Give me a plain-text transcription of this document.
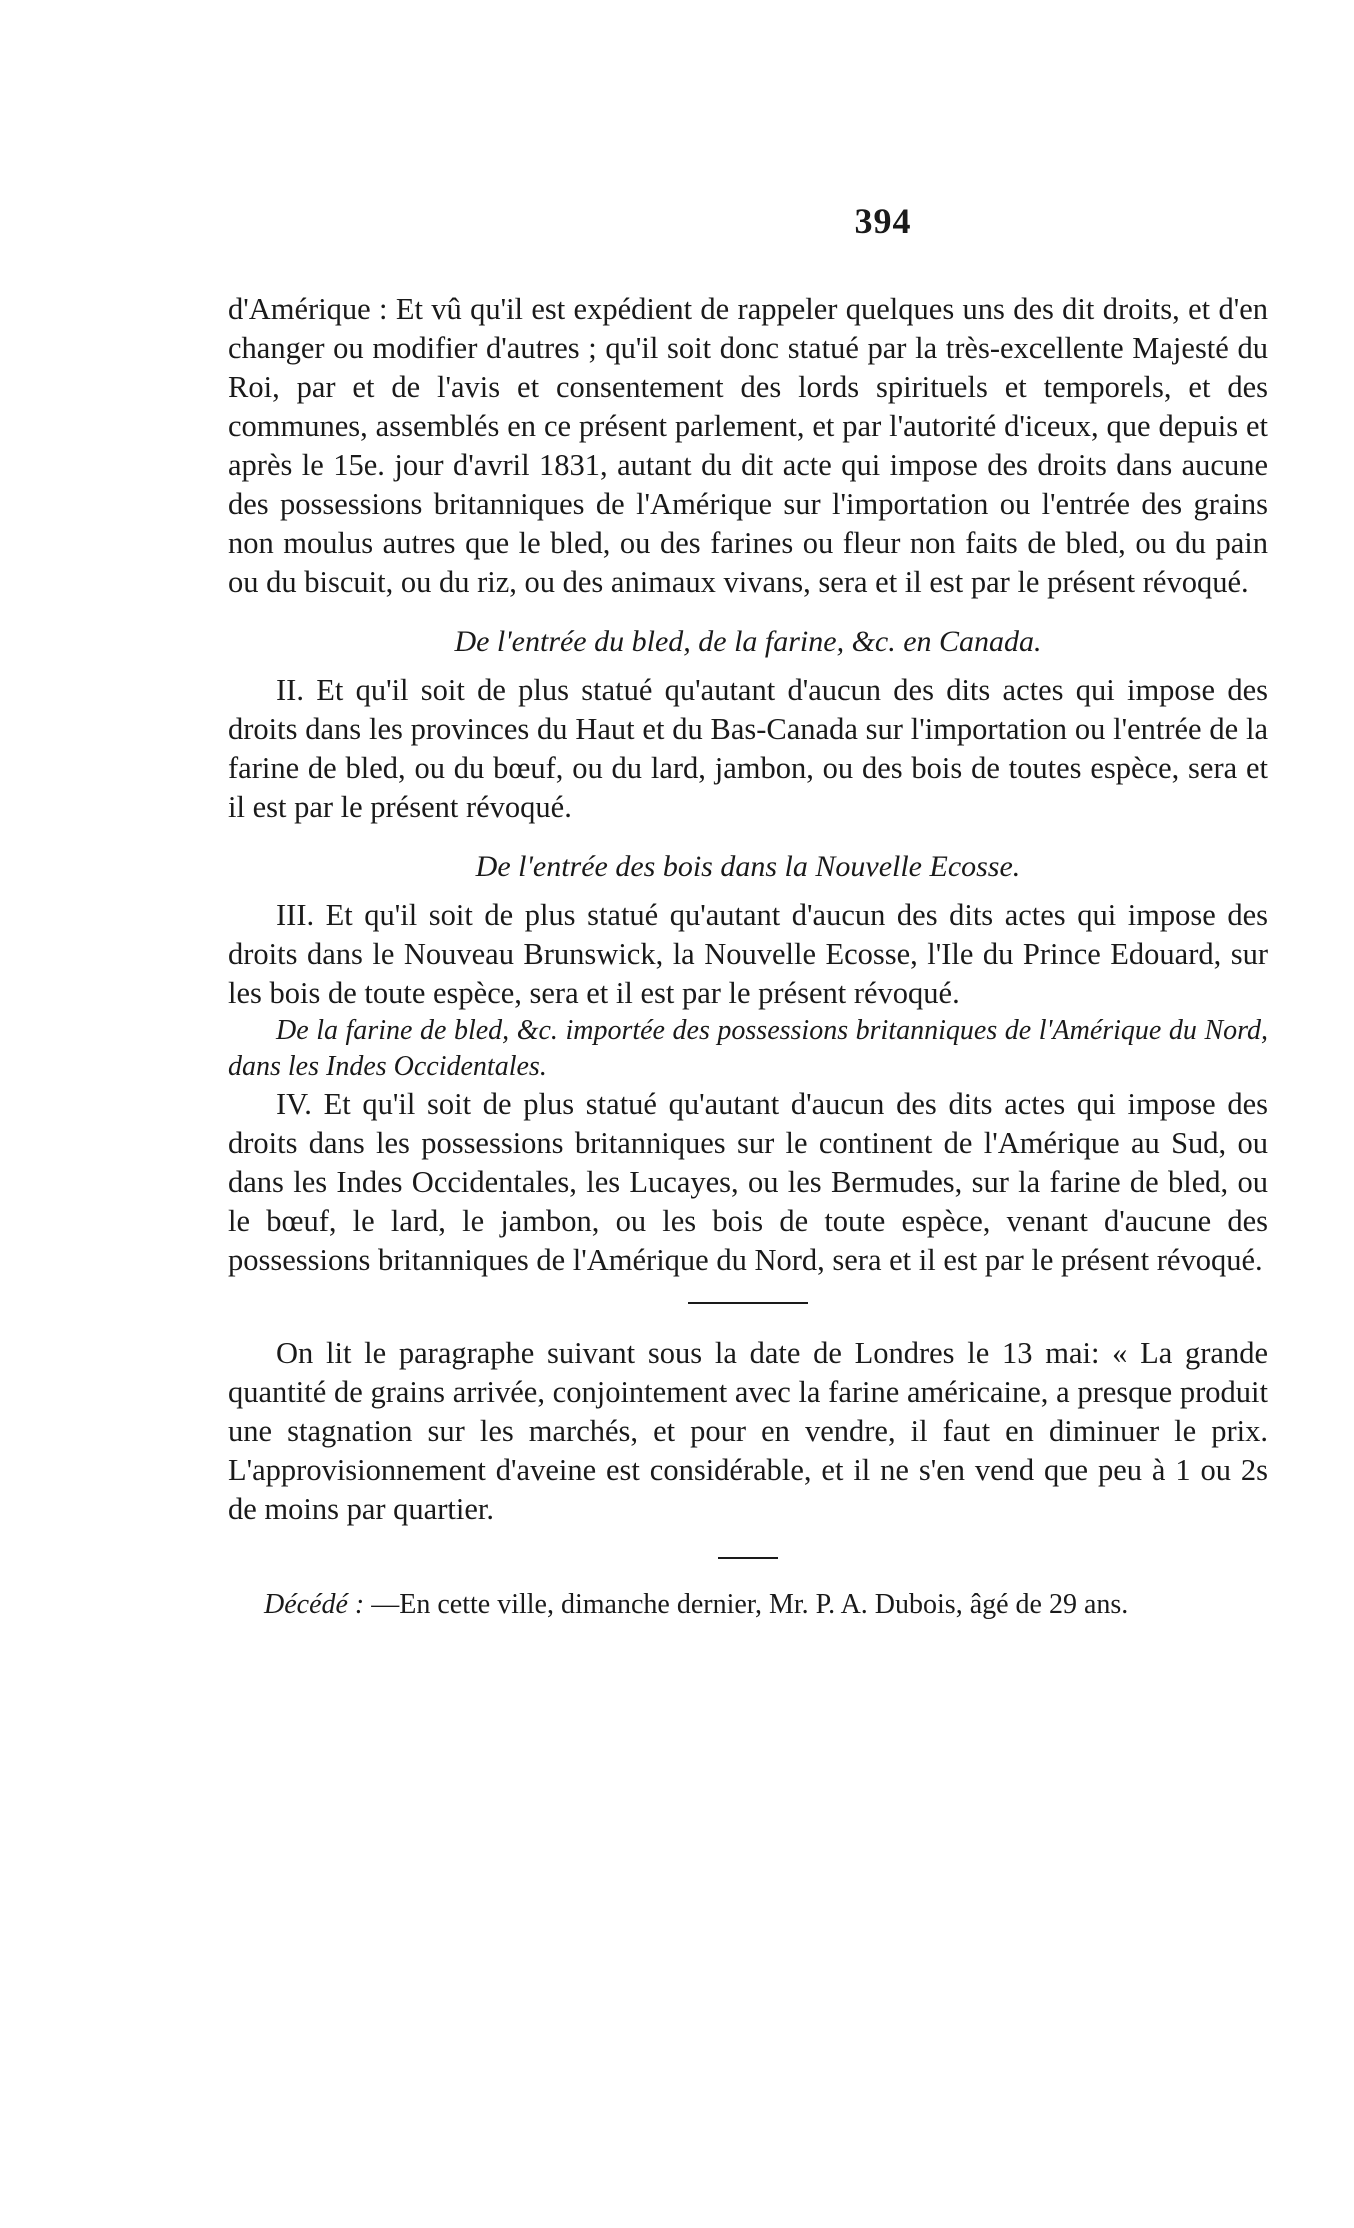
394

d'Amérique : Et vû qu'il est expédient de rappeler quelques uns des dit droits, et d'en changer ou modifier d'autres ; qu'il soit donc statué par la très-excellente Majesté du Roi, par et de l'avis et consentement des lords spirituels et temporels, et des communes, assemblés en ce présent parlement, et par l'autorité d'iceux, que depuis et après le 15e. jour d'avril 1831, autant du dit acte qui impose des droits dans aucune des possessions britanniques de l'Amérique sur l'importation ou l'entrée des grains non moulus autres que le bled, ou des farines ou fleur non faits de bled, ou du pain ou du biscuit, ou du riz, ou des animaux vivans, sera et il est par le présent révoqué.

De l'entrée du bled, de la farine, &c. en Canada.

II. Et qu'il soit de plus statué qu'autant d'aucun des dits actes qui impose des droits dans les provinces du Haut et du Bas-Canada sur l'importation ou l'entrée de la farine de bled, ou du bœuf, ou du lard, jambon, ou des bois de toutes espèce, sera et il est par le présent révoqué.

De l'entrée des bois dans la Nouvelle Ecosse.

III. Et qu'il soit de plus statué qu'autant d'aucun des dits actes qui impose des droits dans le Nouveau Brunswick, la Nouvelle Ecosse, l'Ile du Prince Edouard, sur les bois de toute espèce, sera et il est par le présent révoqué.

De la farine de bled, &c. importée des possessions britanniques de l'Amérique du Nord, dans les Indes Occidentales.

IV. Et qu'il soit de plus statué qu'autant d'aucun des dits actes qui impose des droits dans les possessions britanniques sur le continent de l'Amérique au Sud, ou dans les Indes Occidentales, les Lucayes, ou les Bermudes, sur la farine de bled, ou le bœuf, le lard, le jambon, ou les bois de toute espèce, venant d'aucune des possessions britanniques de l'Amérique du Nord, sera et il est par le présent révoqué.

On lit le paragraphe suivant sous la date de Londres le 13 mai: « La grande quantité de grains arrivée, conjointement avec la farine américaine, a presque produit une stagnation sur les marchés, et pour en vendre, il faut en diminuer le prix. L'approvisionnement d'aveine est considérable, et il ne s'en vend que peu à 1 ou 2s de moins par quartier.

Décédé : —En cette ville, dimanche dernier, Mr. P. A. Dubois, âgé de 29 ans.
